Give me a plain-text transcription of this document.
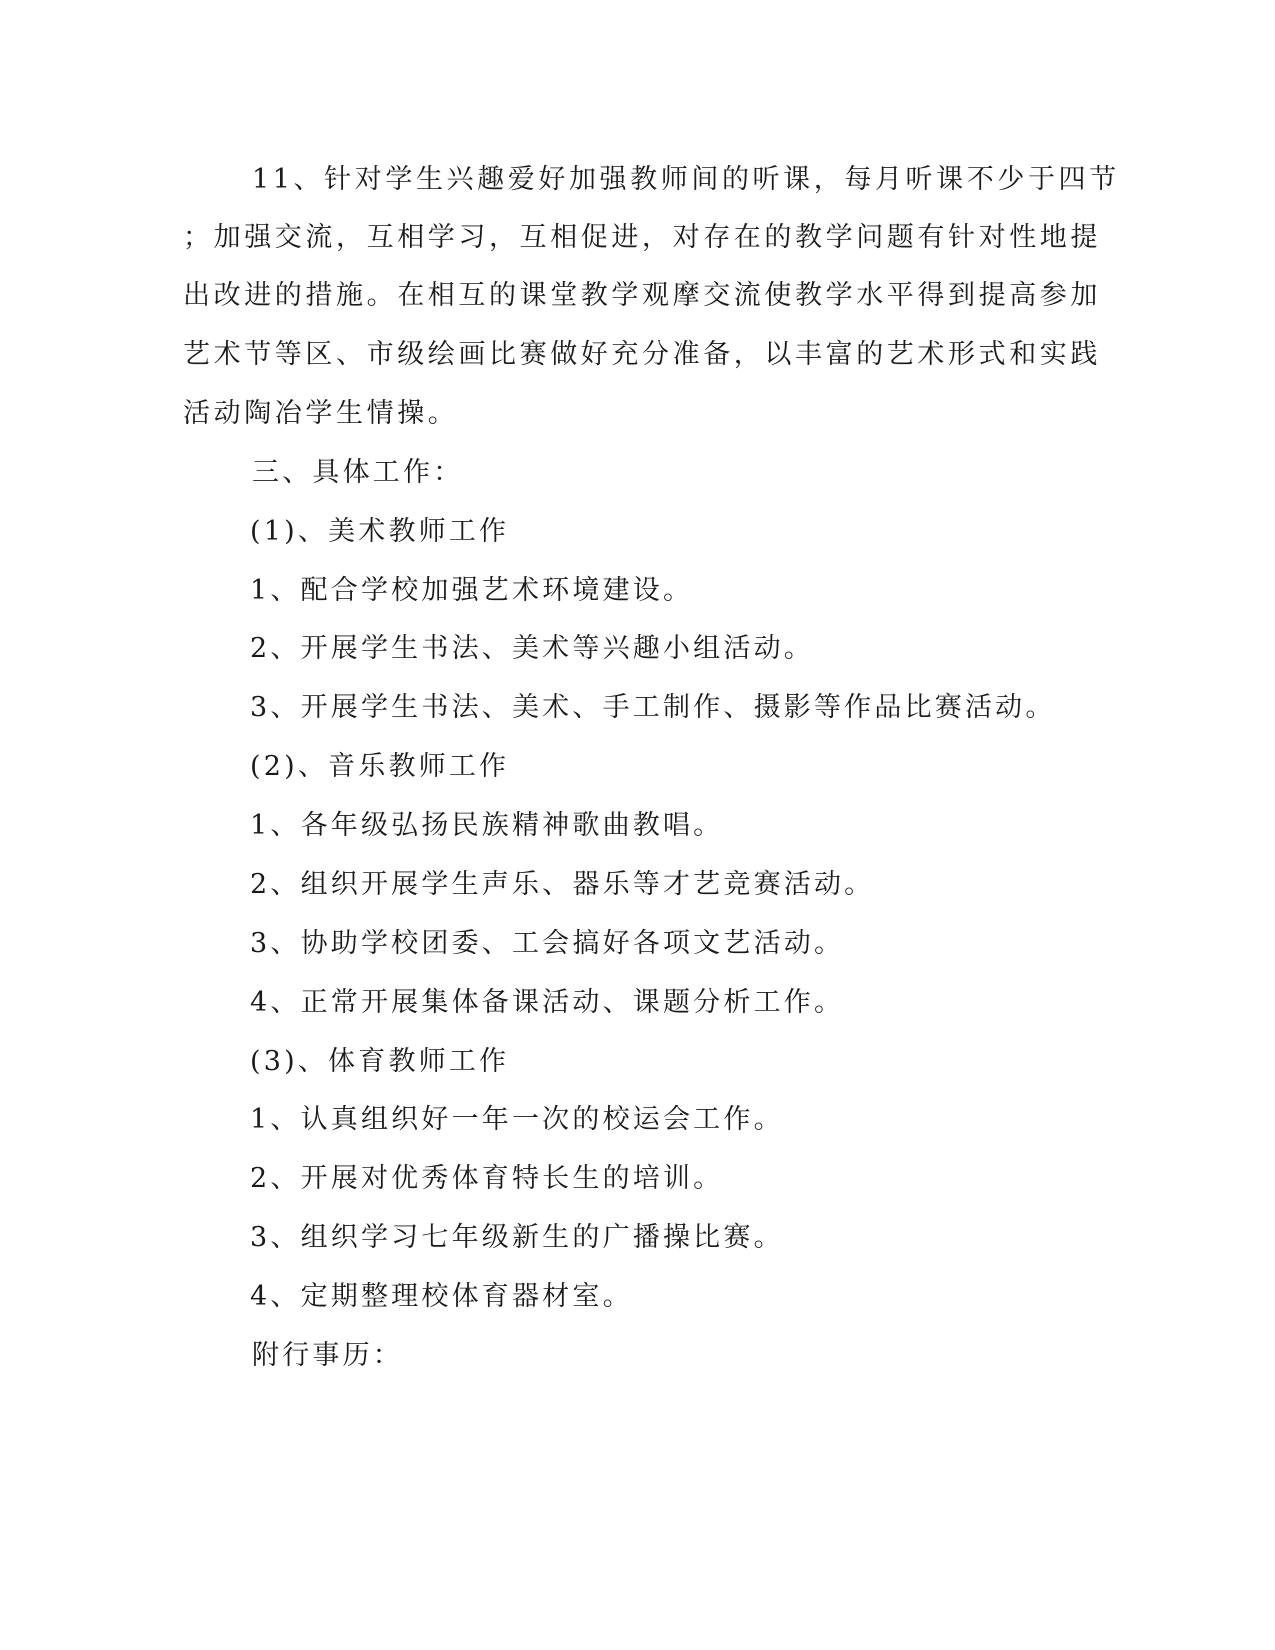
11、针对学生兴趣爱好加强教师间的听课，每月听课不少于四节
；加强交流，互相学习，互相促进，对存在的教学问题有针对性地提
出改进的措施。在相互的课堂教学观摩交流使教学水平得到提高参加
艺术节等区、市级绘画比赛做好充分准备，以丰富的艺术形式和实践
活动陶冶学生情操。
三、具体工作：
(1)、美术教师工作
1、配合学校加强艺术环境建设。
2、开展学生书法、美术等兴趣小组活动。
3、开展学生书法、美术、手工制作、摄影等作品比赛活动。
(2)、音乐教师工作
1、各年级弘扬民族精神歌曲教唱。
2、组织开展学生声乐、器乐等才艺竞赛活动。
3、协助学校团委、工会搞好各项文艺活动。
4、正常开展集体备课活动、课题分析工作。
(3)、体育教师工作
1、认真组织好一年一次的校运会工作。
2、开展对优秀体育特长生的培训。
3、组织学习七年级新生的广播操比赛。
4、定期整理校体育器材室。
附行事历：
